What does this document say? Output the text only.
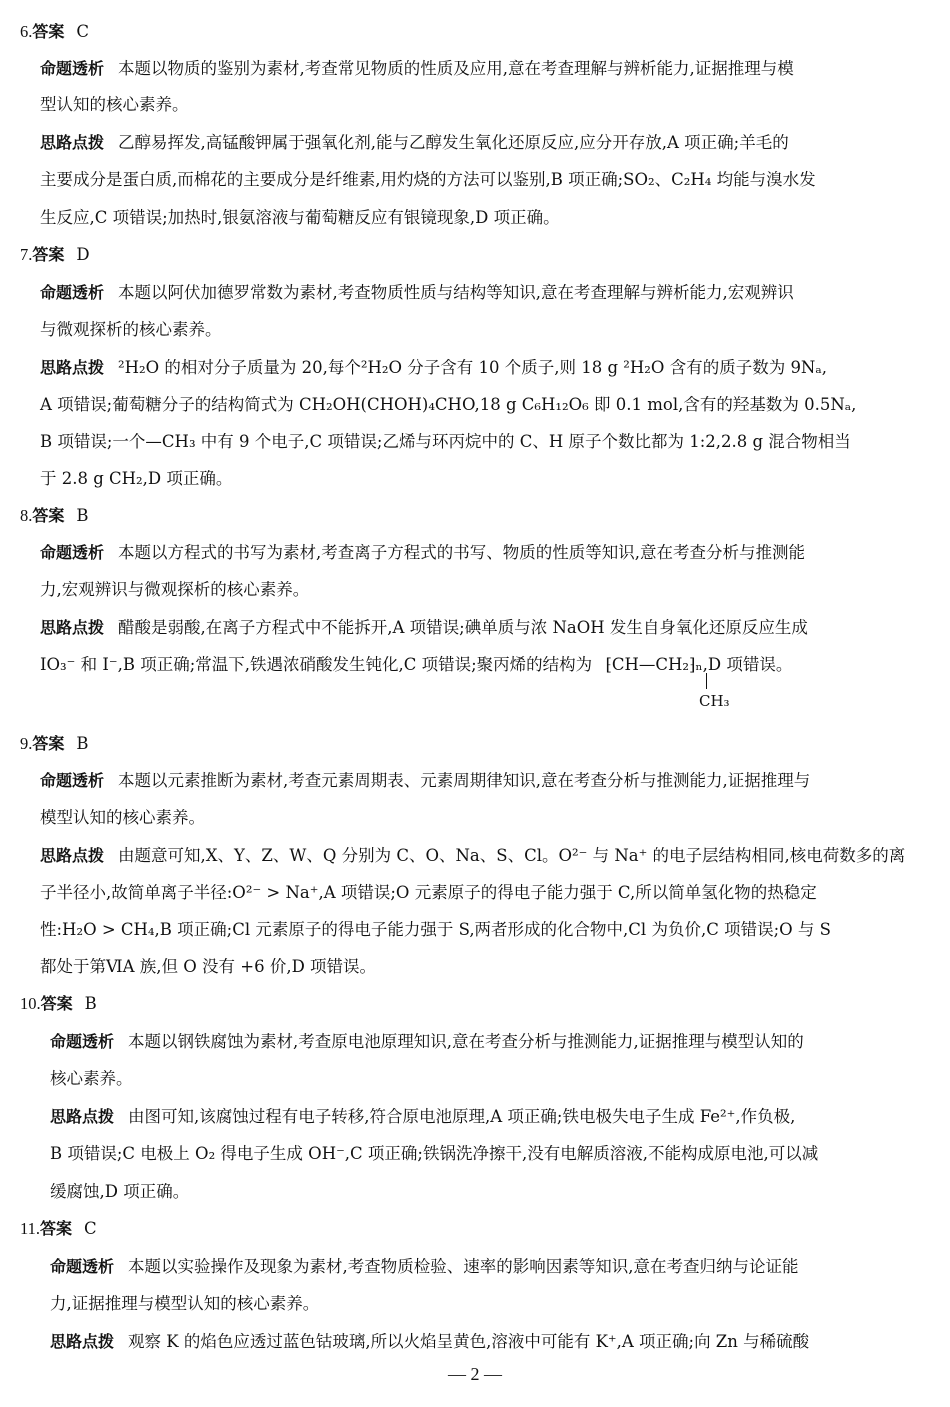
6.答案 C
命题透析 本题以物质的鉴别为素材,考查常见物质的性质及应用,意在考查理解与辨析能力,证据推理与模
型认知的核心素养。
思路点拨 乙醇易挥发,高锰酸钾属于强氧化剂,能与乙醇发生氧化还原反应,应分开存放,A 项正确;羊毛的
主要成分是蛋白质,而棉花的主要成分是纤维素,用灼烧的方法可以鉴别,B 项正确;SO₂、C₂H₄ 均能与溴水发
生反应,C 项错误;加热时,银氨溶液与葡萄糖反应有银镜现象,D 项正确。
7.答案 D
命题透析 本题以阿伏加德罗常数为素材,考查物质性质与结构等知识,意在考查理解与辨析能力,宏观辨识
与微观探析的核心素养。
思路点拨 ²H₂O 的相对分子质量为 20,每个²H₂O 分子含有 10 个质子,则 18 g ²H₂O 含有的质子数为 9Nₐ,
A 项错误;葡萄糖分子的结构简式为 CH₂OH(CHOH)₄CHO,18 g C₆H₁₂O₆ 即 0.1 mol,含有的羟基数为 0.5Nₐ,
B 项错误;一个—CH₃ 中有 9 个电子,C 项错误;乙烯与环丙烷中的 C、H 原子个数比都为 1:2,2.8 g 混合物相当
于 2.8 g CH₂,D 项正确。
8.答案 B
命题透析 本题以方程式的书写为素材,考查离子方程式的书写、物质的性质等知识,意在考查分析与推测能
力,宏观辨识与微观探析的核心素养。
思路点拨 醋酸是弱酸,在离子方程式中不能拆开,A 项错误;碘单质与浓 NaOH 发生自身氧化还原反应生成
IO₃⁻ 和 I⁻,B 项正确;常温下,铁遇浓硝酸发生钝化,C 项错误;聚丙烯的结构为 ⁅CH—CH₂⁆ₙ,D 项错误。
CH₃
9.答案 B
命题透析 本题以元素推断为素材,考查元素周期表、元素周期律知识,意在考查分析与推测能力,证据推理与
模型认知的核心素养。
思路点拨 由题意可知,X、Y、Z、W、Q 分别为 C、O、Na、S、Cl。O²⁻ 与 Na⁺ 的电子层结构相同,核电荷数多的离
子半径小,故简单离子半径:O²⁻ > Na⁺,A 项错误;O 元素原子的得电子能力强于 C,所以简单氢化物的热稳定
性:H₂O > CH₄,B 项正确;Cl 元素原子的得电子能力强于 S,两者形成的化合物中,Cl 为负价,C 项错误;O 与 S
都处于第ⅥA 族,但 O 没有 +6 价,D 项错误。
10.答案 B
命题透析 本题以钢铁腐蚀为素材,考查原电池原理知识,意在考查分析与推测能力,证据推理与模型认知的
核心素养。
思路点拨 由图可知,该腐蚀过程有电子转移,符合原电池原理,A 项正确;铁电极失电子生成 Fe²⁺,作负极,
B 项错误;C 电极上 O₂ 得电子生成 OH⁻,C 项正确;铁锅洗净擦干,没有电解质溶液,不能构成原电池,可以减
缓腐蚀,D 项正确。
11.答案 C
命题透析 本题以实验操作及现象为素材,考查物质检验、速率的影响因素等知识,意在考查归纳与论证能
力,证据推理与模型认知的核心素养。
思路点拨 观察 K 的焰色应透过蓝色钴玻璃,所以火焰呈黄色,溶液中可能有 K⁺,A 项正确;向 Zn 与稀硫酸
— 2 —
